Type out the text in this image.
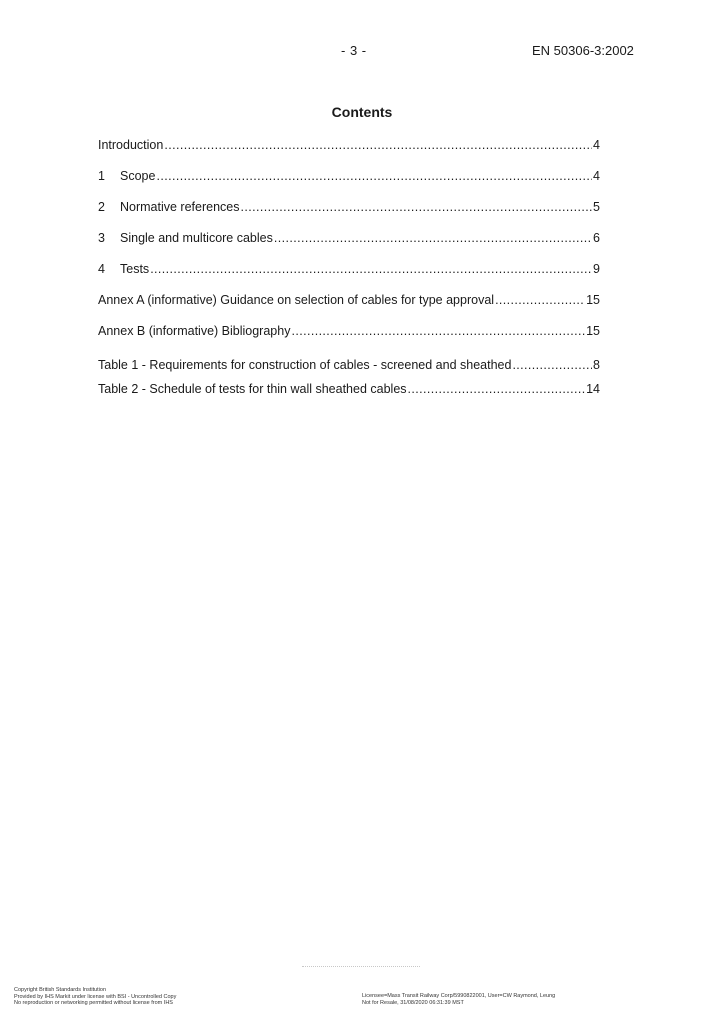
- 3 -	EN 50306-3:2002
Contents
Introduction .....	4
1	Scope .....	4
2	Normative references .....	5
3	Single and multicore cables .....	6
4	Tests .....	9
Annex A (informative) Guidance on selection of cables for type approval .....	15
Annex B (informative) Bibliography .....	15
Table 1 - Requirements for construction of cables - screened and sheathed .....	8
Table 2 - Schedule of tests for thin wall sheathed cables .....	14
Copyright British Standards Institution
Provided by IHS Markit under license with BSI - Uncontrolled Copy
No reproduction or networking permitted without license from IHS
Licensee=Mass Transit Railway Corp/5990822001, User=CW Raymond, Leung
Not for Resale, 31/08/2020 06:31:39 MST
